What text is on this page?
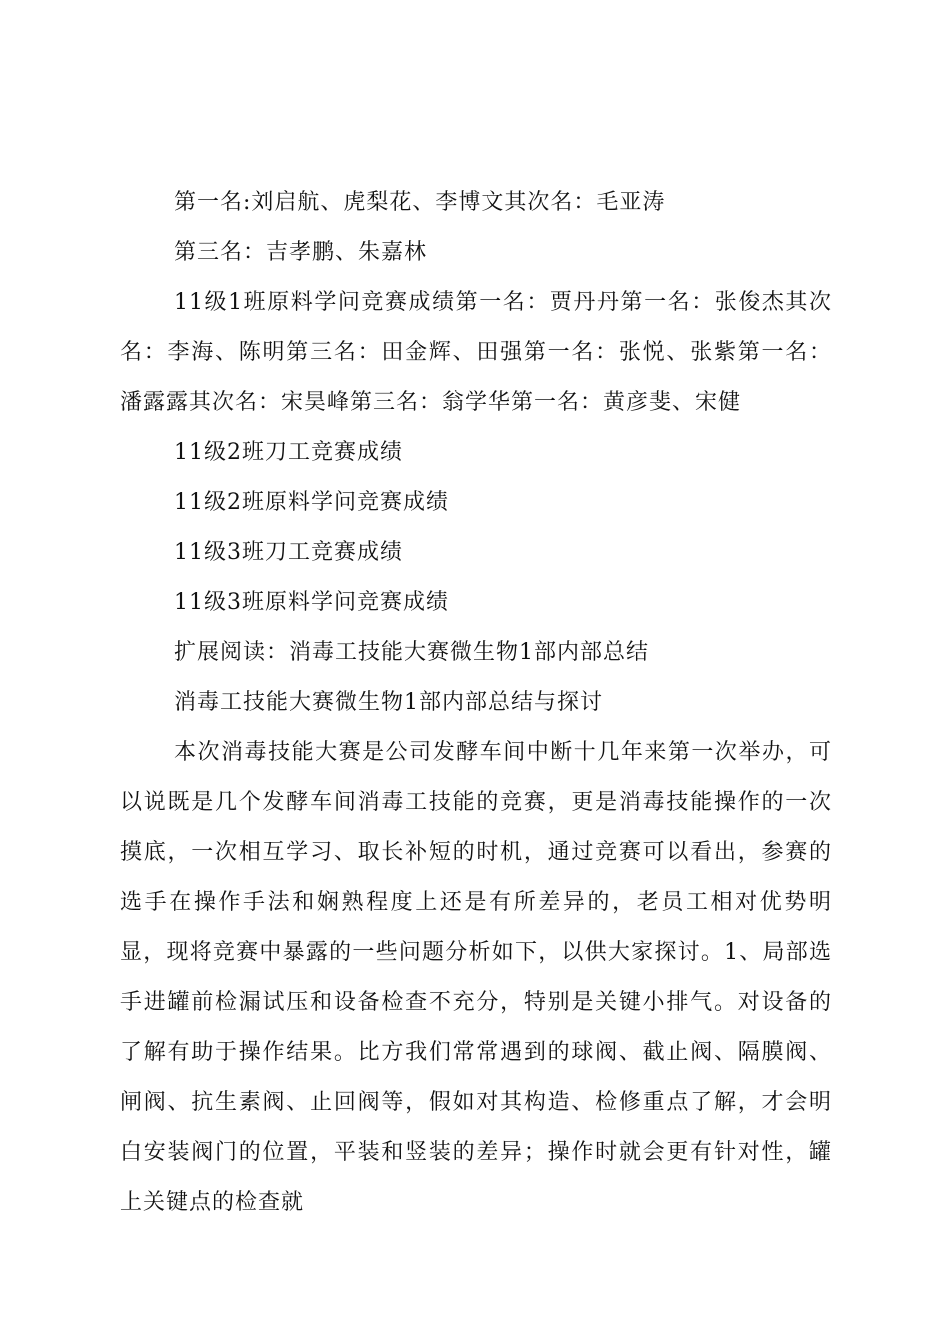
第一名:刘启航、虎梨花、李博文其次名：毛亚涛

第三名：吉孝鹏、朱嘉林

11级1班原料学问竞赛成绩第一名：贾丹丹第一名：张俊杰其次名：李海、陈明第三名：田金辉、田强第一名：张悦、张紫第一名：潘露露其次名：宋昊峰第三名：翁学华第一名：黄彦斐、宋健

11级2班刀工竞赛成绩

11级2班原料学问竞赛成绩

11级3班刀工竞赛成绩

11级3班原料学问竞赛成绩

扩展阅读：消毒工技能大赛微生物1部内部总结

消毒工技能大赛微生物1部内部总结与探讨

本次消毒技能大赛是公司发酵车间中断十几年来第一次举办，可以说既是几个发酵车间消毒工技能的竞赛，更是消毒技能操作的一次摸底，一次相互学习、取长补短的时机，通过竞赛可以看出，参赛的选手在操作手法和娴熟程度上还是有所差异的，老员工相对优势明显，现将竞赛中暴露的一些问题分析如下，以供大家探讨。1、局部选手进罐前检漏试压和设备检查不充分，特别是关键小排气。对设备的了解有助于操作结果。比方我们常常遇到的球阀、截止阀、隔膜阀、闸阀、抗生素阀、止回阀等，假如对其构造、检修重点了解，才会明白安装阀门的位置，平装和竖装的差异；操作时就会更有针对性，罐上关键点的检查就
